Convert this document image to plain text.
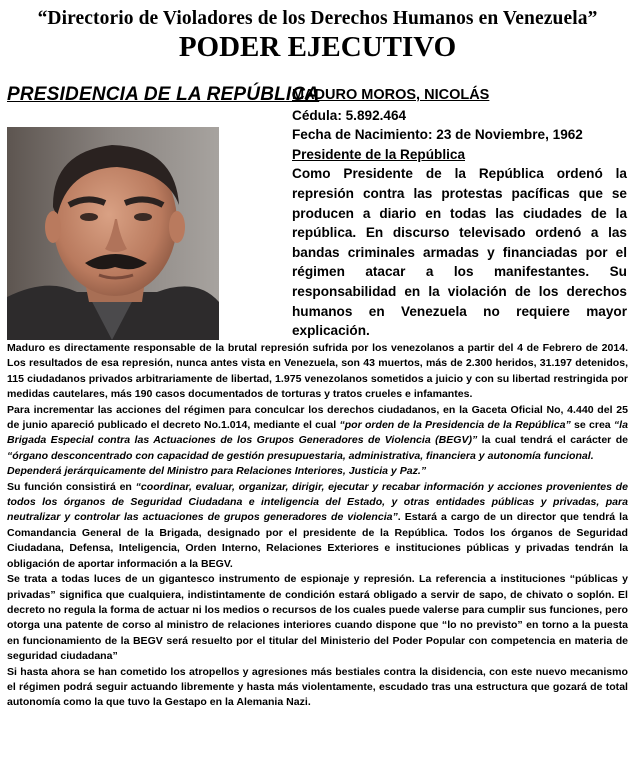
“Directorio de Violadores de los Derechos Humanos en Venezuela”
PODER EJECUTIVO
PRESIDENCIA DE LA REPÚBLICA
MADURO MOROS, NICOLÁS
Cédula: 5.892.464
Fecha de Nacimiento: 23 de Noviembre, 1962
Presidente de la República
Como Presidente de la República ordenó la represión contra las protestas pacíficas que se producen a diario en todas las ciudades de la república. En discurso televisado ordenó a las bandas criminales armadas y financiadas por el régimen atacar a los manifestantes. Su responsabilidad en la violación de los derechos humanos en Venezuela no requiere mayor explicación.

Maduro es directamente responsable de la brutal represión sufrida por los venezolanos a partir del 4 de Febrero de 2014. Los resultados de esa represión, nunca antes vista en Venezuela, son 43 muertos, más de 2.300 heridos, 31.197 detenidos, 115 ciudadanos privados arbitrariamente de libertad, 1.975 venezolanos sometidos a juicio y con su libertad restringida por medidas cautelares, más 190 casos documentados de torturas y tratos crueles e infamantes.

Para incrementar las acciones del régimen para conculcar los derechos ciudadanos, en la Gaceta Oficial No, 4.440 del 25 de junio apareció publicado el decreto No.1.014, mediante el cual “por orden de la Presidencia de la República” se crea “la Brigada Especial contra las Actuaciones de los Grupos Generadores de Violencia (BEGV)” la cual tendrá el carácter de “órgano desconcentrado con capacidad de gestión presupuestaria, administrativa, financiera y autonomía funcional.

Dependerá jerárquicamente del Ministro para Relaciones Interiores, Justicia y Paz.”

Su función consistirá en “coordinar, evaluar, organizar, dirigir, ejecutar y recabar información y acciones provenientes de todos los órganos de Seguridad Ciudadana e inteligencia del Estado, y otras entidades públicas y privadas, para neutralizar y controlar las actuaciones de grupos generadores de violencia”. Estará a cargo de un director que tendrá la Comandancia General de la Brigada, designado por el presidente de la República. Todos los órganos de Seguridad Ciudadana, Defensa, Inteligencia, Orden Interno, Relaciones Exteriores e instituciones públicas y privadas tendrán la obligación de aportar información a la BEGV.

Se trata a todas luces de un gigantesco instrumento de espionaje y represión. La referencia a instituciones “públicas y privadas” significa que cualquiera, indistintamente de condición estará obligado a servir de sapo, de chivato o soplón. El decreto no regula la forma de actuar ni los medios o recursos de los cuales puede valerse para cumplir sus funciones, pero otorga una patente de corso al ministro de relaciones interiores cuando dispone que “lo no previsto” en torno a la puesta en funcionamiento de la BEGV será resuelto por el titular del Ministerio del Poder Popular con competencia en materia de seguridad ciudadana”

Si hasta ahora se han cometido los atropellos y agresiones más bestiales contra la disidencia, con este nuevo mecanismo el régimen podrá seguir actuando libremente y hasta más violentamente, escudado tras una estructura que gozará de total autonomía como la que tuvo la Gestapo en la Alemania Nazi.
